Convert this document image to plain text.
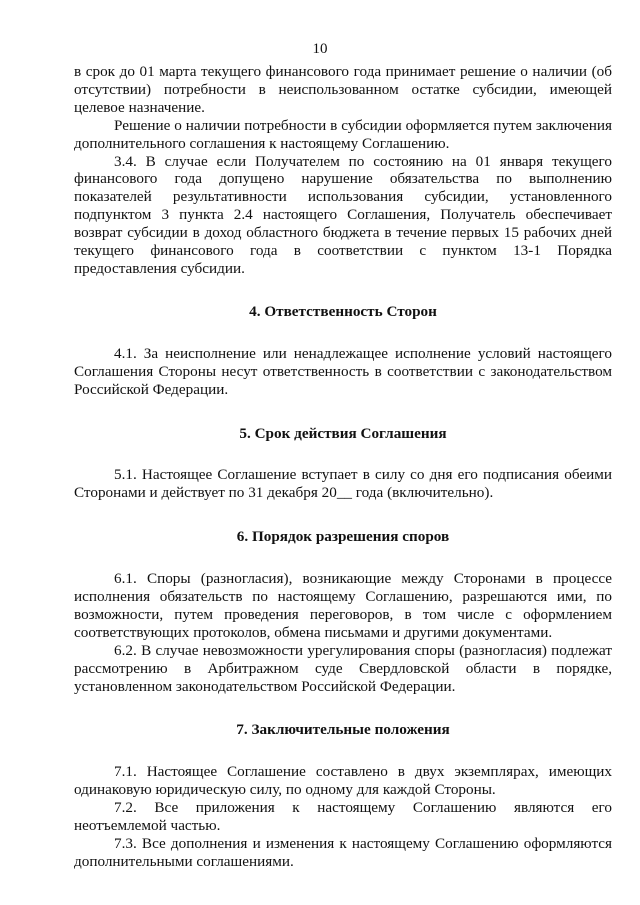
10

в срок до 01 марта текущего финансового года принимает решение о наличии (об отсутствии) потребности в неиспользованном остатке субсидии, имеющей целевое назначение.

Решение о наличии потребности в субсидии оформляется путем заключения дополнительного соглашения к настоящему Соглашению.

3.4. В случае если Получателем по состоянию на 01 января текущего финансового года допущено нарушение обязательства по выполнению показателей результативности использования субсидии, установленного подпунктом 3 пункта 2.4 настоящего Соглашения, Получатель обеспечивает возврат субсидии в доход областного бюджета в течение первых 15 рабочих дней текущего финансового года в соответствии с пунктом 13-1 Порядка предоставления субсидии.

4. Ответственность Сторон

4.1. За неисполнение или ненадлежащее исполнение условий настоящего Соглашения Стороны несут ответственность в соответствии с законодательством Российской Федерации.

5. Срок действия Соглашения

5.1. Настоящее Соглашение вступает в силу со дня его подписания обеими Сторонами и действует по 31 декабря 20__ года (включительно).

6. Порядок разрешения споров

6.1. Споры (разногласия), возникающие между Сторонами в процессе исполнения обязательств по настоящему Соглашению, разрешаются ими, по возможности, путем проведения переговоров, в том числе с оформлением соответствующих протоколов, обмена письмами и другими документами.

6.2. В случае невозможности урегулирования споры (разногласия) подлежат рассмотрению в Арбитражном суде Свердловской области в порядке, установленном законодательством Российской Федерации.

7. Заключительные положения

7.1. Настоящее Соглашение составлено в двух экземплярах, имеющих одинаковую юридическую силу, по одному для каждой Стороны.

7.2. Все приложения к настоящему Соглашению являются его

неотъемлемой частью.

7.3. Все дополнения и изменения к настоящему Соглашению оформляются дополнительными соглашениями.
